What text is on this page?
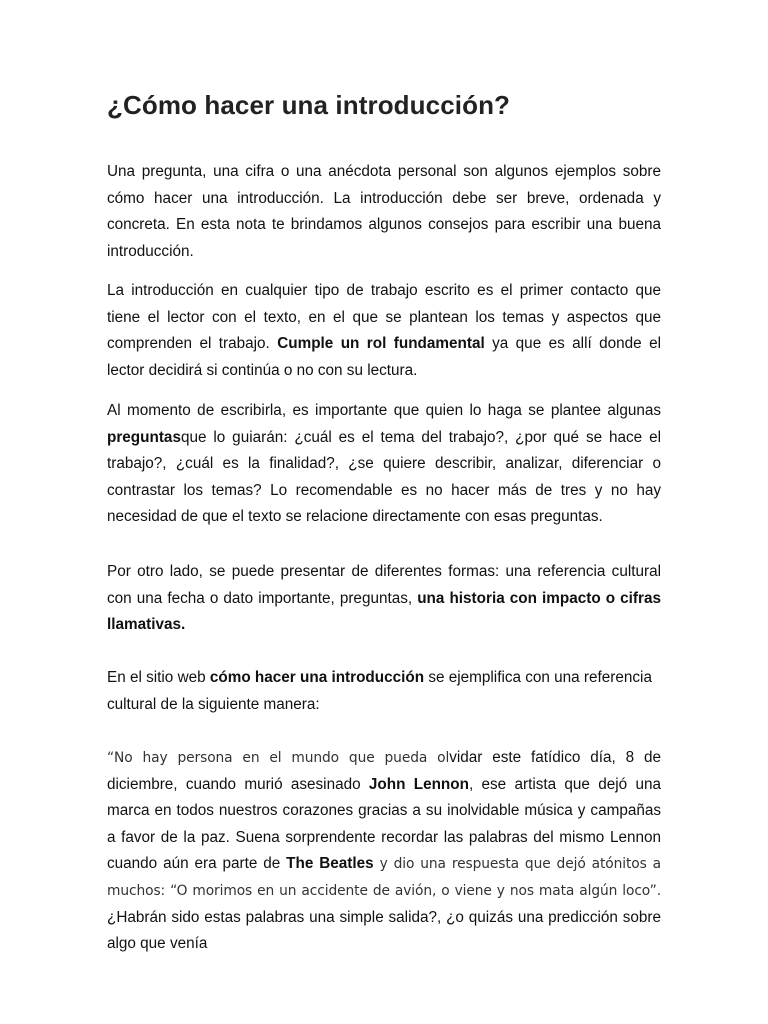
¿Cómo hacer una introducción?

Una pregunta, una cifra o una anécdota personal son algunos ejemplos sobre cómo hacer una introducción. La introducción debe ser breve, ordenada y concreta. En esta nota te brindamos algunos consejos para escribir una buena introducción.

La introducción en cualquier tipo de trabajo escrito es el primer contacto que tiene el lector con el texto, en el que se plantean los temas y aspectos que comprenden el trabajo. Cumple un rol fundamental ya que es allí donde el lector decidirá si continúa o no con su lectura.

Al momento de escribirla, es importante que quien lo haga se plantee algunas preguntasque lo guiarán: ¿cuál es el tema del trabajo?, ¿por qué se hace el trabajo?, ¿cuál es la finalidad?, ¿se quiere describir, analizar, diferenciar o contrastar los temas? Lo recomendable es no hacer más de tres y no hay necesidad de que el texto se relacione directamente con esas preguntas.

Por otro lado, se puede presentar de diferentes formas: una referencia cultural con una fecha o dato importante, preguntas, una historia con impacto o cifras llamativas.

En el sitio web cómo hacer una introducción se ejemplifica con una referencia cultural de la siguiente manera:

“No hay persona en el mundo que pueda olvidar este fatídico día, 8 de diciembre, cuando murió asesinado John Lennon, ese artista que dejó una marca en todos nuestros corazones gracias a su inolvidable música y campañas a favor de la paz. Suena sorprendente recordar las palabras del mismo Lennon cuando aún era parte de The Beatles y dio una respuesta que dejó atónitos a muchos: “O morimos en un accidente de avión, o viene y nos mata algún loco”. ¿Habrán sido estas palabras una simple salida?, ¿o quizás una predicción sobre algo que venía
